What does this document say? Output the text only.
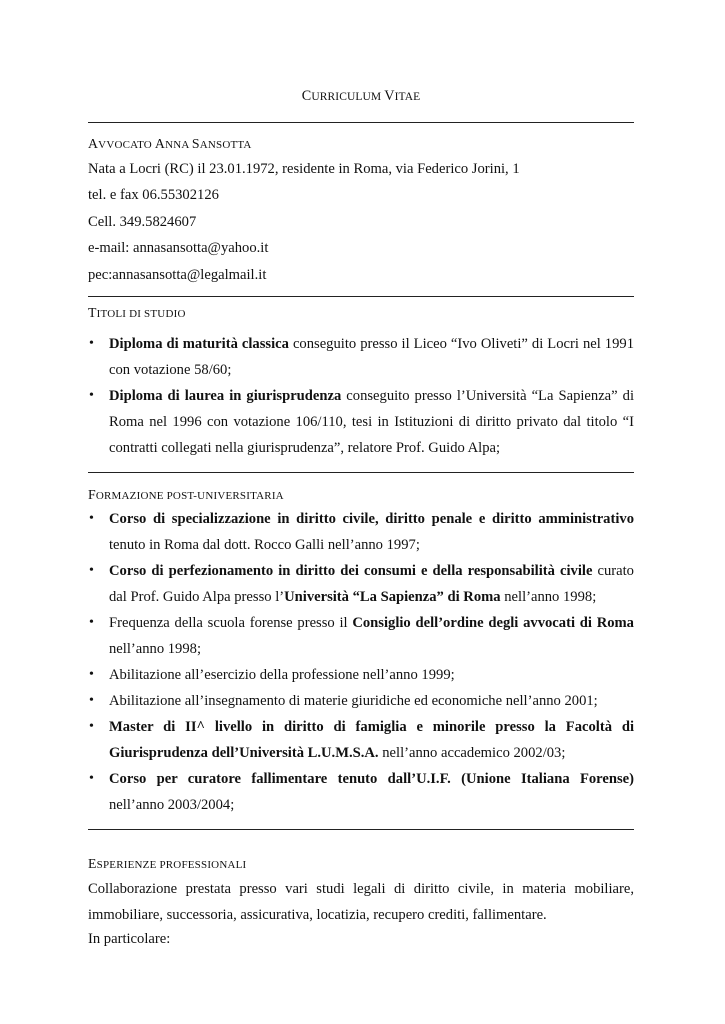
CURRICULUM VITAE
AVVOCATO ANNA SANSOTTA
Nata a Locri (RC) il 23.01.1972, residente in Roma, via Federico Jorini, 1
tel. e fax 06.55302126
Cell. 349.5824607
e-mail: annasansotta@yahoo.it
pec:annasansotta@legalmail.it
TITOLI DI STUDIO
• Diploma di maturità classica conseguito presso il Liceo “Ivo Oliveti” di Locri nel 1991 con votazione 58/60;
• Diploma di laurea in giurisprudenza conseguito presso l’Università “La Sapienza” di Roma nel 1996 con votazione 106/110, tesi in Istituzioni di diritto privato dal titolo “I contratti collegati nella giurisprudenza”, relatore Prof. Guido Alpa;
FORMAZIONE POST-UNIVERSITARIA
• Corso di specializzazione in diritto civile, diritto penale e diritto amministrativo tenuto in Roma dal dott. Rocco Galli nell’anno 1997;
• Corso di perfezionamento in diritto dei consumi e della responsabilità civile curato dal Prof. Guido Alpa presso l’Università “La Sapienza” di Roma nell’anno 1998;
• Frequenza della scuola forense presso il Consiglio dell’ordine degli avvocati di Roma nell’anno 1998;
• Abilitazione all’esercizio della professione nell’anno 1999;
• Abilitazione all’insegnamento di materie giuridiche ed economiche nell’anno 2001;
• Master di II^ livello in diritto di famiglia e minorile presso la Facoltà di Giurisprudenza dell’Università L.U.M.S.A. nell’anno accademico 2002/03;
• Corso per curatore fallimentare tenuto dall’U.I.F. (Unione Italiana Forense) nell’anno 2003/2004;
ESPERIENZE PROFESSIONALI
Collaborazione prestata presso vari studi legali di diritto civile, in materia mobiliare, immobiliare, successoria, assicurativa, locatizia, recupero crediti, fallimentare.
In particolare:
